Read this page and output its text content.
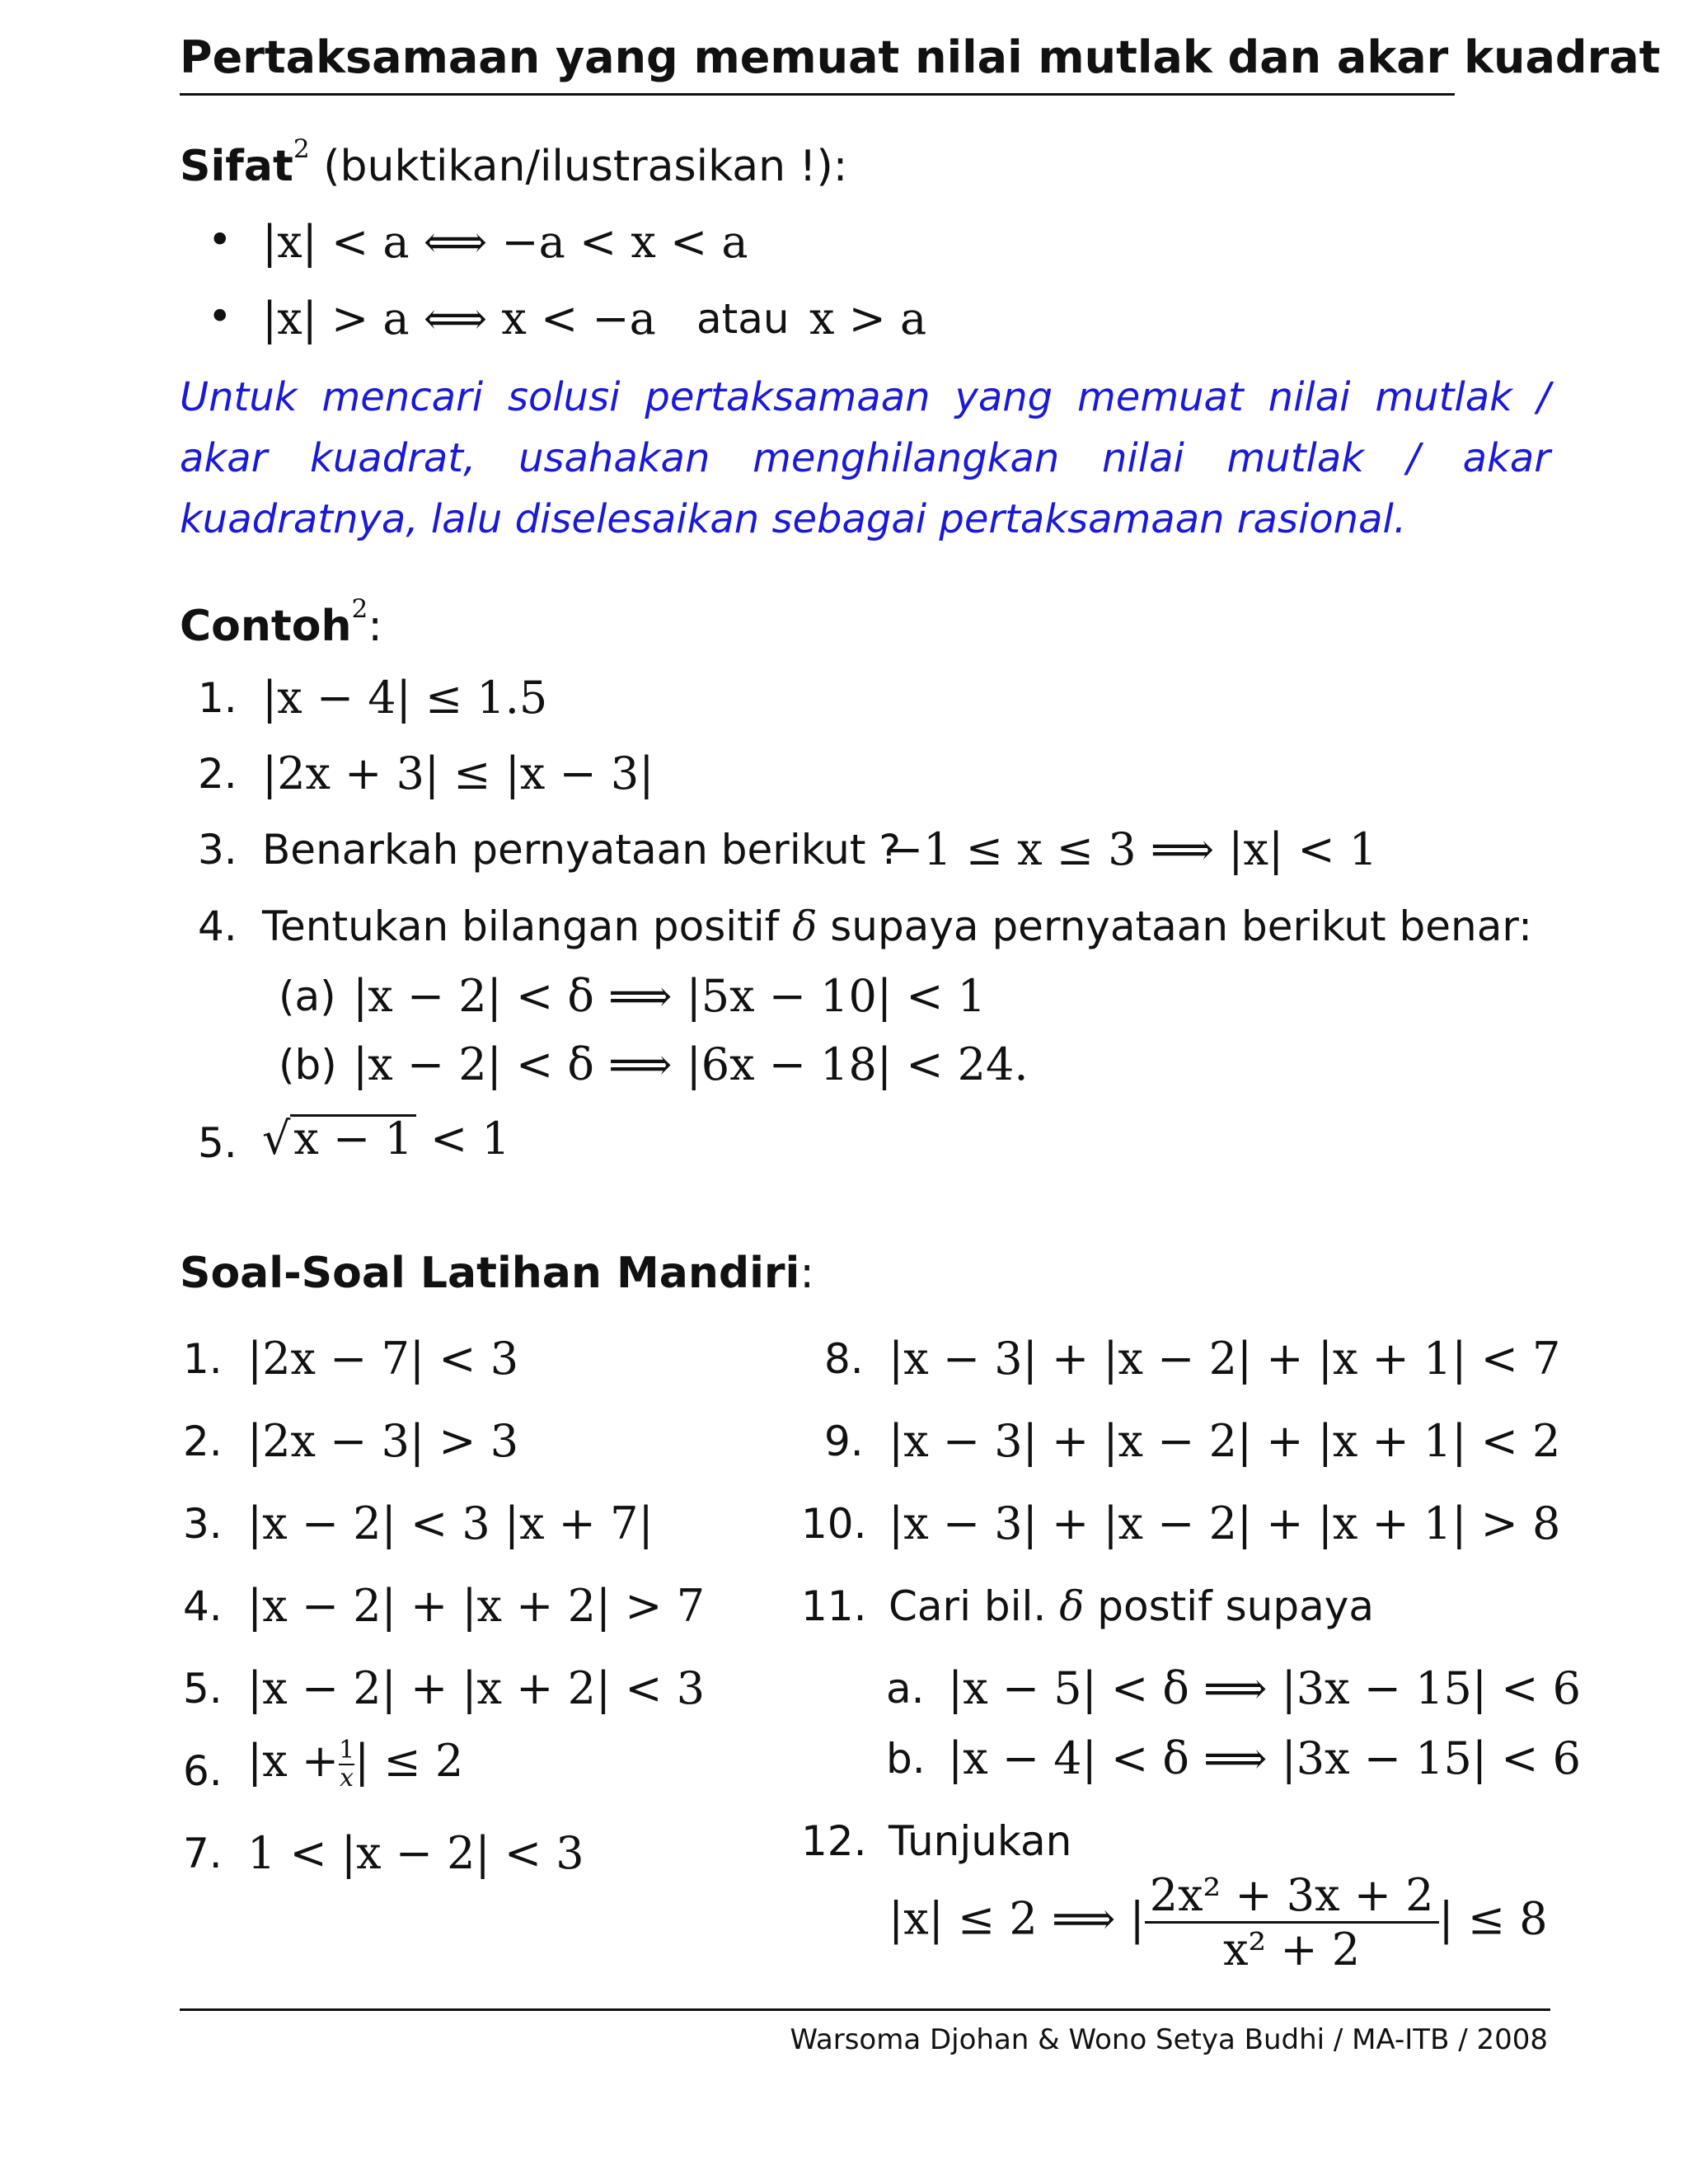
Pertaksamaan yang memuat nilai mutlak dan akar kuadrat
Sifat$^2$ (buktikan/ilustrasikan !):
• |x| < a ⟺ −a < x < a
• |x| > a ⟺ x < −a atau x > a
Untuk mencari solusi pertaksamaan yang memuat nilai mutlak / akar kuadrat, usahakan menghilangkan nilai mutlak / akar kuadratnya, lalu diselesaikan sebagai pertaksamaan rasional.
Contoh$^2$:
1. |x − 4| ≤ 1.5
2. |2x + 3| ≤ |x − 3|
3. Benarkah pernyataan berikut ?
−1 ≤ x ≤ 3 ⟹ |x| < 1
4. Tentukan bilangan positif δ supaya pernyataan berikut benar:
(a) |x − 2| < δ ⟹ |5x − 10| < 1
(b) |x − 2| < δ ⟹ |6x − 18| < 24.
5. √x − 1 < 1
Soal-Soal Latihan Mandiri:
1. |2x − 7| < 3
2. |2x − 3| > 3
3. |x − 2| < 3 |x + 7|
4. |x − 2| + |x + 2| > 7
5. |x − 2| + |x + 2| < 3
6. $|x + \frac{1}{x}$ | ≤ 2
7. 1 < |x − 2| < 3
8. |x − 3| + |x − 2| + |x + 1| < 7
9. |x − 3| + |x − 2| + |x + 1| < 2
10. |x − 3| + |x − 2| + |x + 1| > 8
11. Cari bil. δ postif supaya
a. |x − 5| < δ ⟹ |3x − 15| < 6
b. |x − 4| < δ ⟹ |3x − 15| < 6
12. Tunjukan
|x| ≤ 2 ⟹ | $\frac{\text{2x² + 3x + 2}}{\text{x² + 2}}$ | ≤ 8
Warsoma Djohan & Wono Setya Budhi / MA-ITB / 2008
